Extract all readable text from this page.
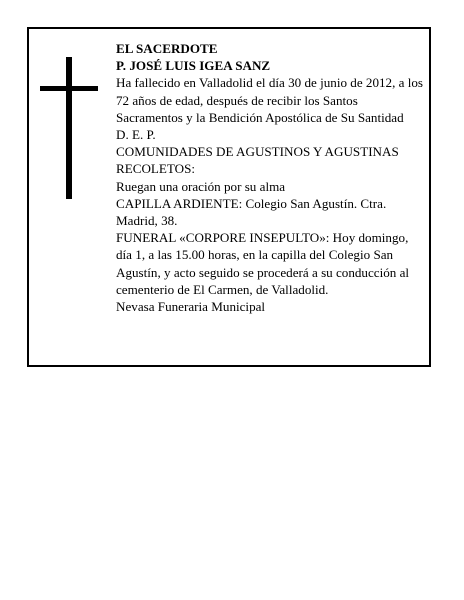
EL SACERDOTE

P. JOSÉ LUIS IGEA SANZ

Ha fallecido en Valladolid el día 30 de junio de 2012, a los 72 años de edad, después de recibir los Santos Sacramentos y la Bendición Apostólica de Su Santidad

D. E. P.

COMUNIDADES DE AGUSTINOS Y AGUSTINAS RECOLETOS:

Ruegan una oración por su alma

CAPILLA ARDIENTE: Colegio San Agustín. Ctra. Madrid, 38.

FUNERAL «CORPORE INSEPULTO»: Hoy domingo, día 1, a las 15.00 horas, en la capilla del Colegio San Agustín, y acto seguido se procederá a su conducción al cementerio de El Carmen, de Valladolid.

Nevasa Funeraria Municipal
